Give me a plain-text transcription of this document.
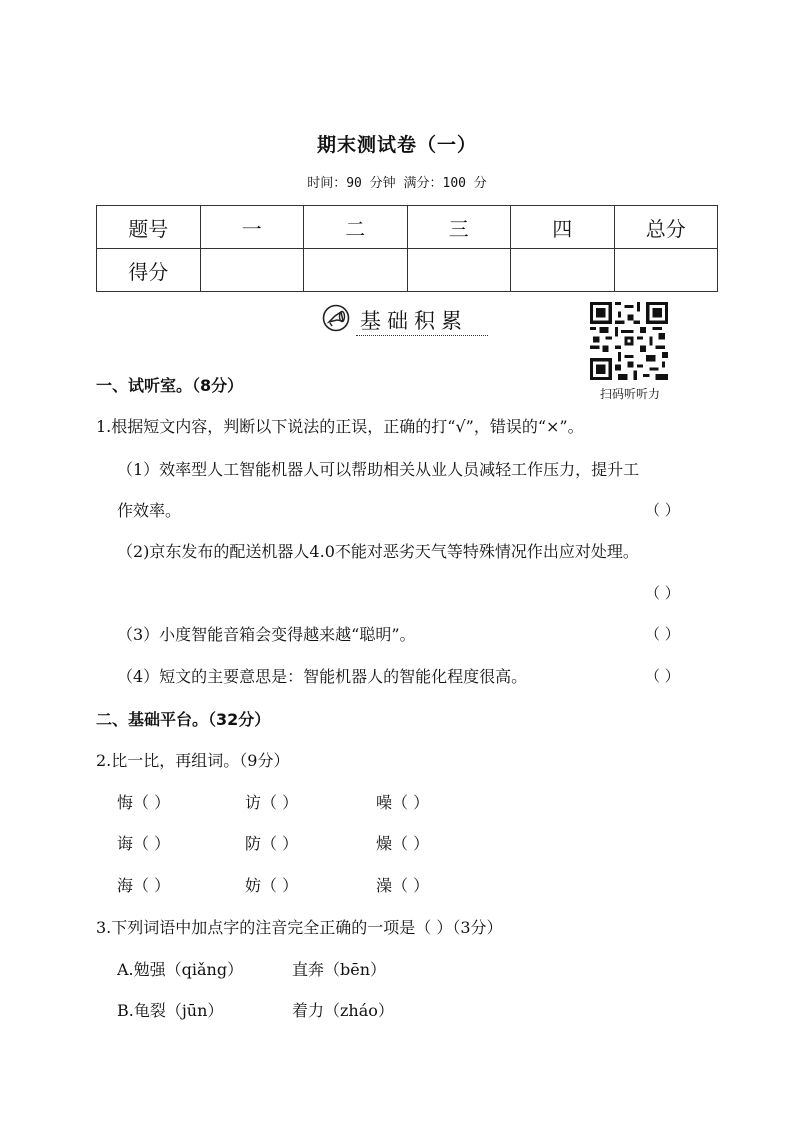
期末测试卷（一）
时间：90 分钟 满分：100 分
题号	一	二	三	四	总分
得分					
基础积累
扫码听听力
一、试听室。（8分）
1.根据短文内容，判断以下说法的正误，正确的打“√”，错误的“×”。
（1）效率型人工智能机器人可以帮助相关从业人员减轻工作压力，提升工
作效率。	（ ）
（2)京东发布的配送机器人4.0不能对恶劣天气等特殊情况作出应对处理。
（ ）
（3）小度智能音箱会变得越来越“聪明”。	（ ）
（4）短文的主要意思是：智能机器人的智能化程度很高。	（ ）
二、基础平台。（32分）
2.比一比，再组词。（9分）
悔（ ）	访（ ）	噪（ ）
诲（ ）	防（ ）	燥（ ）
海（ ）	妨（ ）	澡（ ）
3.下列词语中加点字的注音完全正确的一项是（ ）（3分）
A.勉强（qiǎng）	直奔（bēn）
B.龟裂（jūn）	着力（zháo）
